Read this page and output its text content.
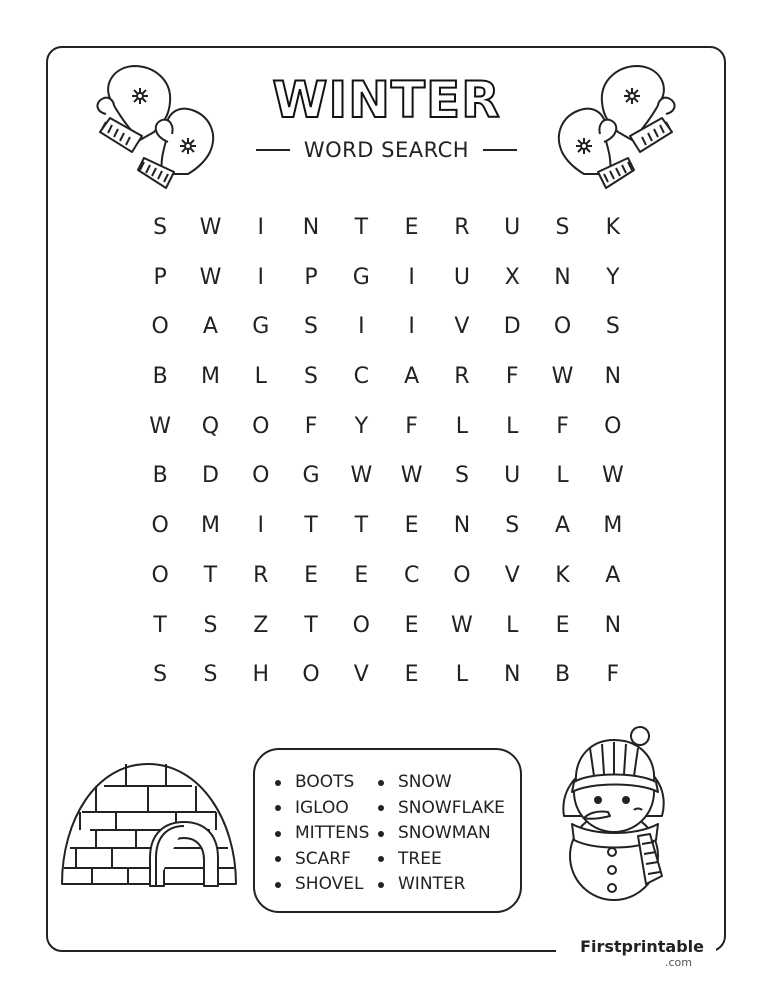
WINTER
WORD SEARCH
S	W	I	N	T	E	R	U	S	K
P	W	I	P	G	I	U	X	N	Y
O	A	G	S	I	I	V	D	O	S
B	M	L	S	C	A	R	F	W	N
W	Q	O	F	Y	F	L	L	F	O
B	D	O	G	W	W	S	U	L	W
O	M	I	T	T	E	N	S	A	M
O	T	R	E	E	C	O	V	K	A
T	S	Z	T	O	E	W	L	E	N
S	S	H	O	V	E	L	N	B	F
BOOTS
IGLOO
MITTENS
SCARF
SHOVEL
SNOW
SNOWFLAKE
SNOWMAN
TREE
WINTER
Firstprintable
.com
